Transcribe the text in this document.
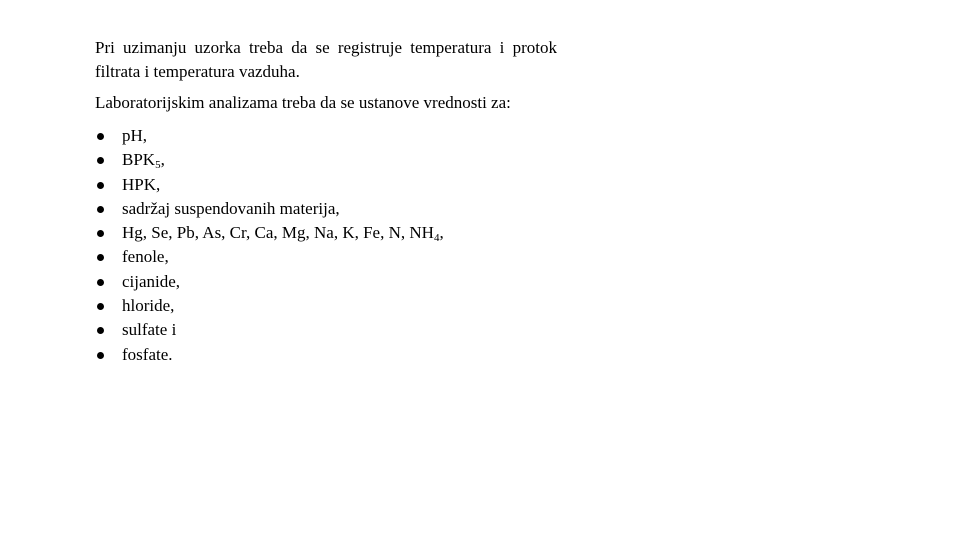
Pri uzimanju uzorka treba da se registruje temperatura i protok filtrata i temperatura vazduha.

Laboratorijskim analizama treba da se ustanove vrednosti za:

pH,
$BPK_5$,
HPK,
sadržaj suspendovanih materija,
Hg, Se, Pb, As, Cr, Ca, Mg, Na, K, Fe, N, $NH_4$,
fenole,
cijanide,
hloride,
sulfate i
fosfate.
